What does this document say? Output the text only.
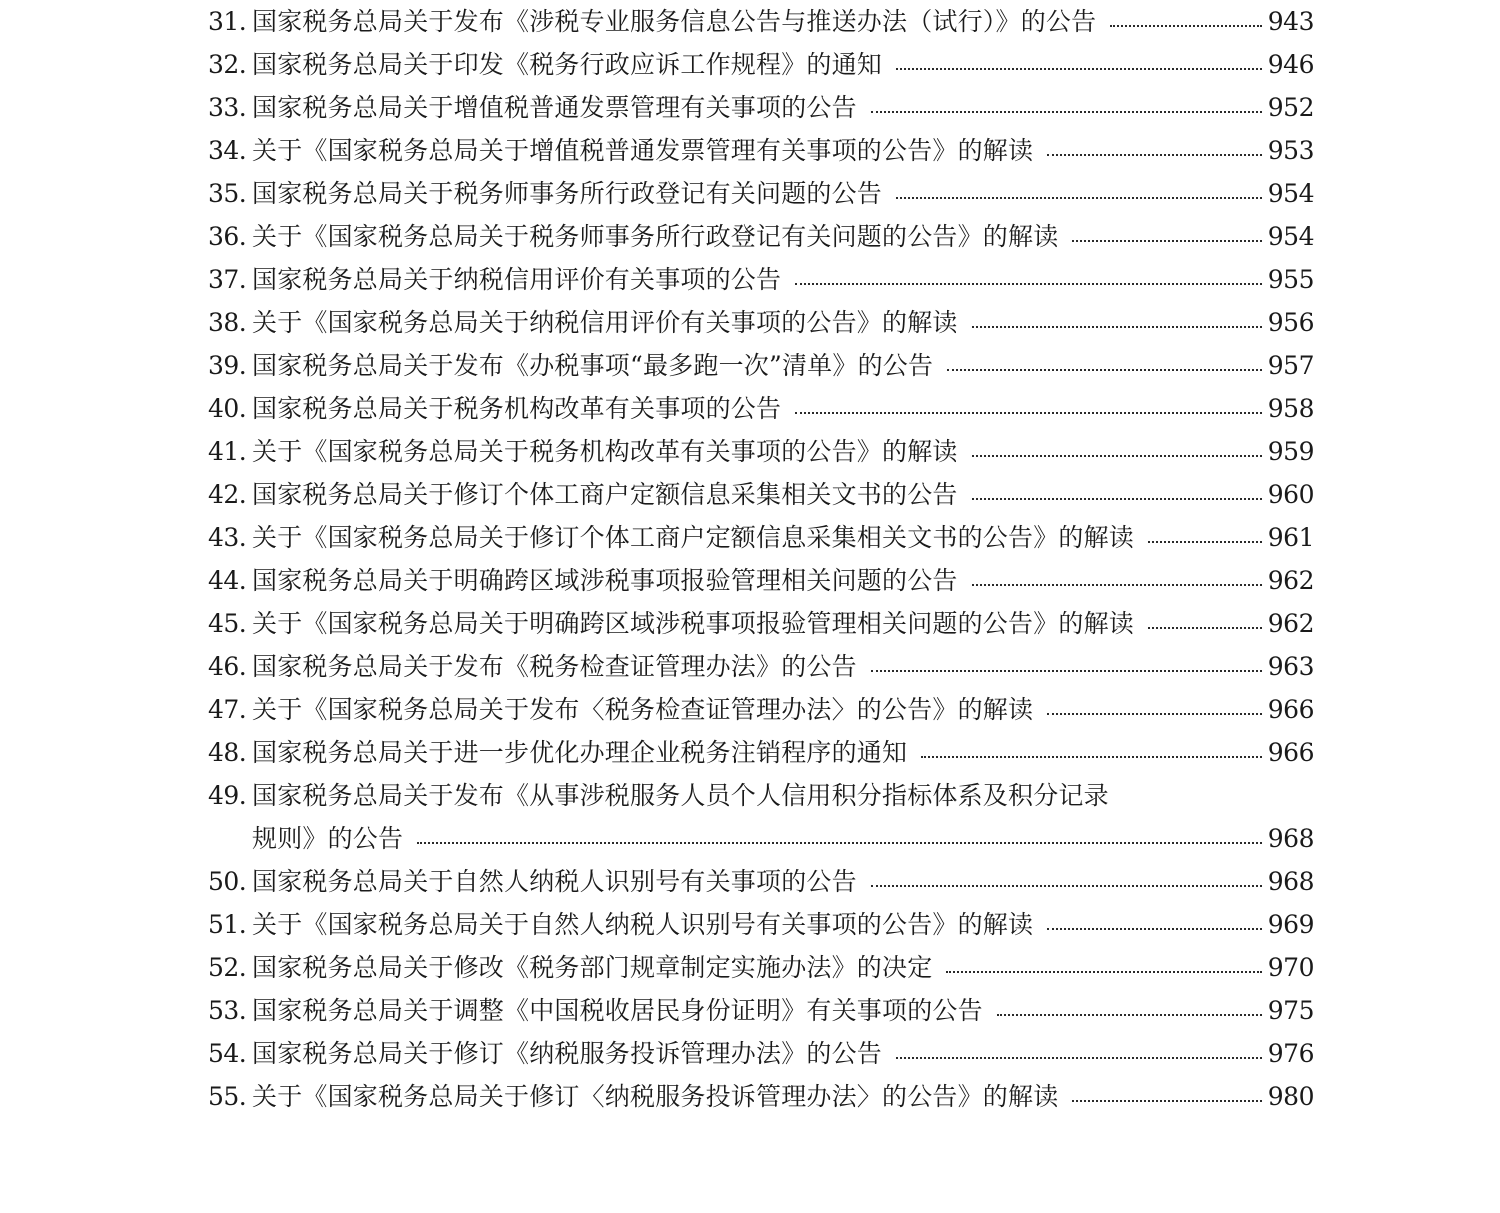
31. 国家税务总局关于发布《涉税专业服务信息公告与推送办法（试行）》的公告	943
32. 国家税务总局关于印发《税务行政应诉工作规程》的通知	946
33. 国家税务总局关于增值税普通发票管理有关事项的公告	952
34. 关于《国家税务总局关于增值税普通发票管理有关事项的公告》的解读	953
35. 国家税务总局关于税务师事务所行政登记有关问题的公告	954
36. 关于《国家税务总局关于税务师事务所行政登记有关问题的公告》的解读	954
37. 国家税务总局关于纳税信用评价有关事项的公告	955
38. 关于《国家税务总局关于纳税信用评价有关事项的公告》的解读	956
39. 国家税务总局关于发布《办税事项“最多跑一次”清单》的公告	957
40. 国家税务总局关于税务机构改革有关事项的公告	958
41. 关于《国家税务总局关于税务机构改革有关事项的公告》的解读	959
42. 国家税务总局关于修订个体工商户定额信息采集相关文书的公告	960
43. 关于《国家税务总局关于修订个体工商户定额信息采集相关文书的公告》的解读	961
44. 国家税务总局关于明确跨区域涉税事项报验管理相关问题的公告	962
45. 关于《国家税务总局关于明确跨区域涉税事项报验管理相关问题的公告》的解读	962
46. 国家税务总局关于发布《税务检查证管理办法》的公告	963
47. 关于《国家税务总局关于发布〈税务检查证管理办法〉的公告》的解读	966
48. 国家税务总局关于进一步优化办理企业税务注销程序的通知	966
49. 国家税务总局关于发布《从事涉税服务人员个人信用积分指标体系及积分记录
规则》的公告	968
50. 国家税务总局关于自然人纳税人识别号有关事项的公告	968
51. 关于《国家税务总局关于自然人纳税人识别号有关事项的公告》的解读	969
52. 国家税务总局关于修改《税务部门规章制定实施办法》的决定	970
53. 国家税务总局关于调整《中国税收居民身份证明》有关事项的公告	975
54. 国家税务总局关于修订《纳税服务投诉管理办法》的公告	976
55. 关于《国家税务总局关于修订〈纳税服务投诉管理办法〉的公告》的解读	980
